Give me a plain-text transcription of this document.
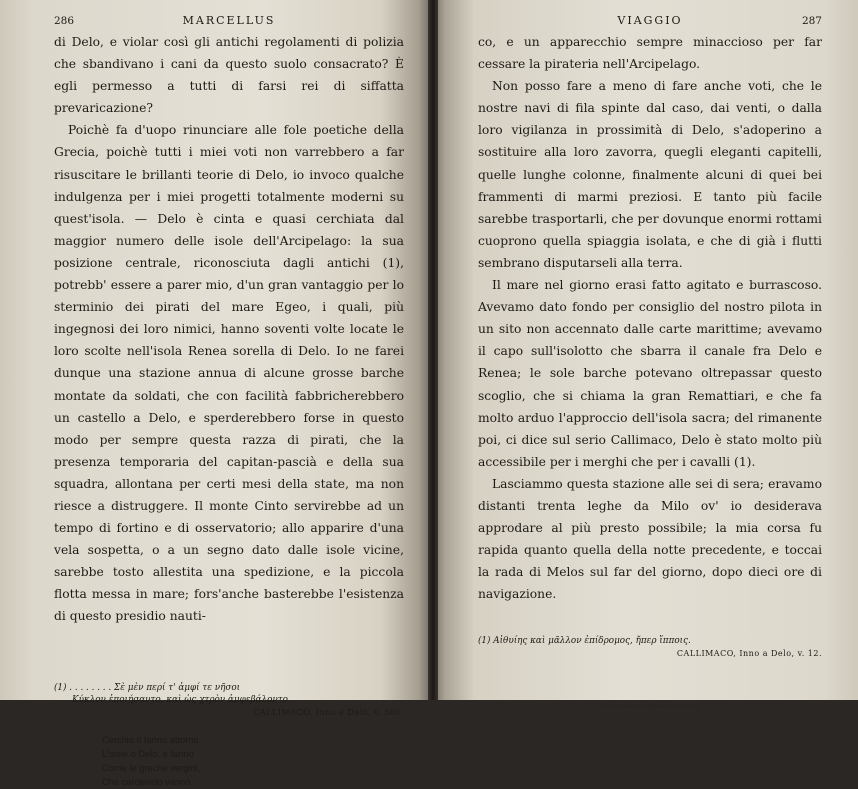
286	MARCELLUS

di Delo, e violar così gli antichi regolamenti di polizia che sbandivano i cani da questo suolo consacrato? È egli permesso a tutti di farsi rei di siffatta prevaricazione?

Poichè fa d'uopo rinunciare alle fole poetiche della Grecia, poichè tutti i miei voti non varrebbero a far risuscitare le brillanti teorie di Delo, io invoco qualche indulgenza per i miei progetti totalmente moderni su quest'isola. — Delo è cinta e quasi cerchiata dal maggior numero delle isole dell'Arcipelago: la sua posizione centrale, riconosciuta dagli antichi (1), potrebb' essere a parer mio, d'un gran vantaggio per lo sterminio dei pirati del mare Egeo, i quali, più ingegnosi dei loro nimici, hanno soventi volte locate le loro scolte nell'isola Renea sorella di Delo. Io ne farei dunque una stazione annua di alcune grosse barche montate da soldati, che con facilità fabbricherebbero un castello a Delo, e sperderebbero forse in questo modo per sempre questa razza di pirati, che la presenza temporaria del capitan-pascià e della sua squadra, allontana per certi mesi della state, ma non riesce a distruggere. Il monte Cinto servirebbe ad un tempo di fortino e di osservatorio; allo apparire d'una vela sospetta, o a un segno dato dalle isole vicine, sarebbe tosto allestita una spedizione, e la piccola flotta messa in mare; fors'anche basterebbe l'esistenza di questo presidio nauti-

(1) . . . . . . . . Σὲ μὲν περί τ' ἀμφί τε νῆσοι
Κύκλον ἐποιήσαντο, καὶ ὡς χτρὸν ἀμφεβάλοντο.
CALLIMACO, Inno a Delo, v. 300.
Cerchio ti fanno attorno
L'isole o Delo, e fanno
Come le greche vergini,
Che carolando vanno.
VIAGGIO	287

co, e un apparecchio sempre minaccioso per far cessare la pirateria nell'Arcipelago.

Non posso fare a meno di fare anche voti, che le nostre navi di fila spinte dal caso, dai venti, o dalla loro vigilanza in prossimità di Delo, s'adoperino a sostituire alla loro zavorra, quegli eleganti capitelli, quelle lunghe colonne, finalmente alcuni di quei bei frammenti di marmi preziosi. E tanto più facile sarebbe trasportarli, che per dovunque enormi rottami cuoprono quella spiaggia isolata, e che di già i flutti sembrano disputarseli alla terra.

Il mare nel giorno erasi fatto agitato e burrascoso. Avevamo dato fondo per consiglio del nostro pilota in un sito non accennato dalle carte marittime; avevamo il capo sull'isolotto che sbarra il canale fra Delo e Renea; le sole barche potevano oltrepassar questo scoglio, che si chiama la gran Remattiari, e che fa molto arduo l'approccio dell'isola sacra; del rimanente poi, ci dice sul serio Callimaco, Delo è stato molto più accessibile per i merghi che per i cavalli (1).

Lasciammo questa stazione alle sei di sera; eravamo distanti trenta leghe da Milo ov' io desiderava approdare al più presto possibile; la mia corsa fu rapida quanto quella della notte precedente, e toccai la rada di Melos sul far del giorno, dopo dieci ore di navigazione.

(1) Αἰθυίης καὶ μᾶλλον ἐπίδρομος, ἤπερ ἵπποις.
CALLIMACO, Inno a Delo, v. 12.
∞∞∞∞∞∞∞⚜∞∞∞∞∞∞∞
